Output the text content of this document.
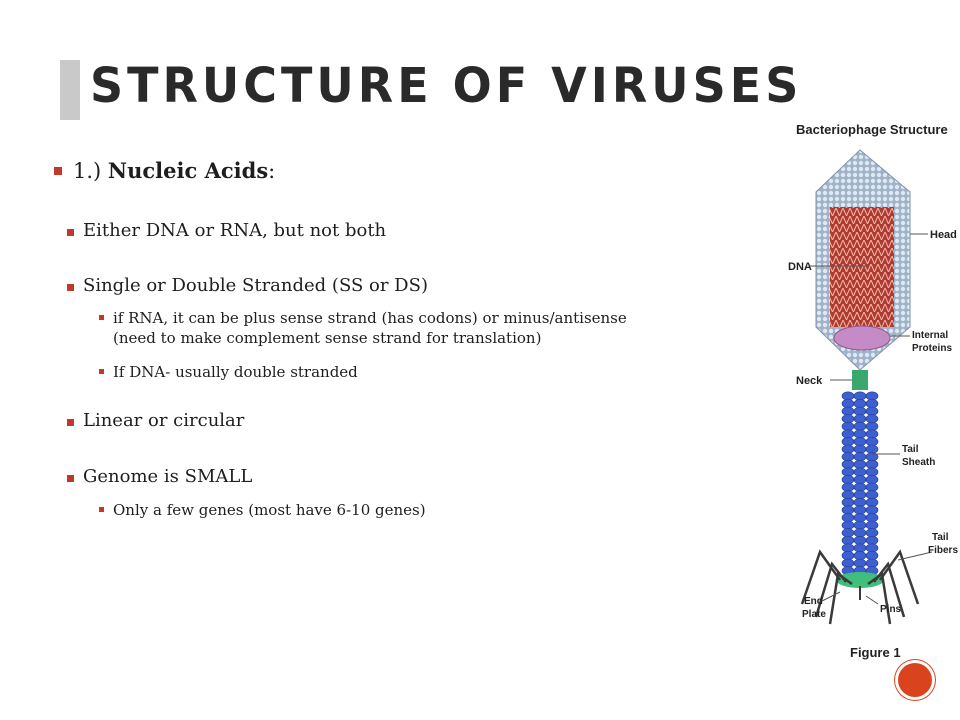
STRUCTURE OF VIRUSES
1.) Nucleic Acids:
Either DNA or RNA, but not both
Single or Double Stranded (SS or DS)
if RNA, it can be plus sense strand (has codons) or minus/antisense
(need to make complement sense strand for translation)
If DNA- usually double stranded
Linear or circular
Genome is SMALL
Only a few genes (most have 6-10 genes)
Bacteriophage Structure
Head
DNA
Internal
Proteins
Neck
Tail
Sheath
Tail
Fibers
End
Plate	Pins
Figure 1
